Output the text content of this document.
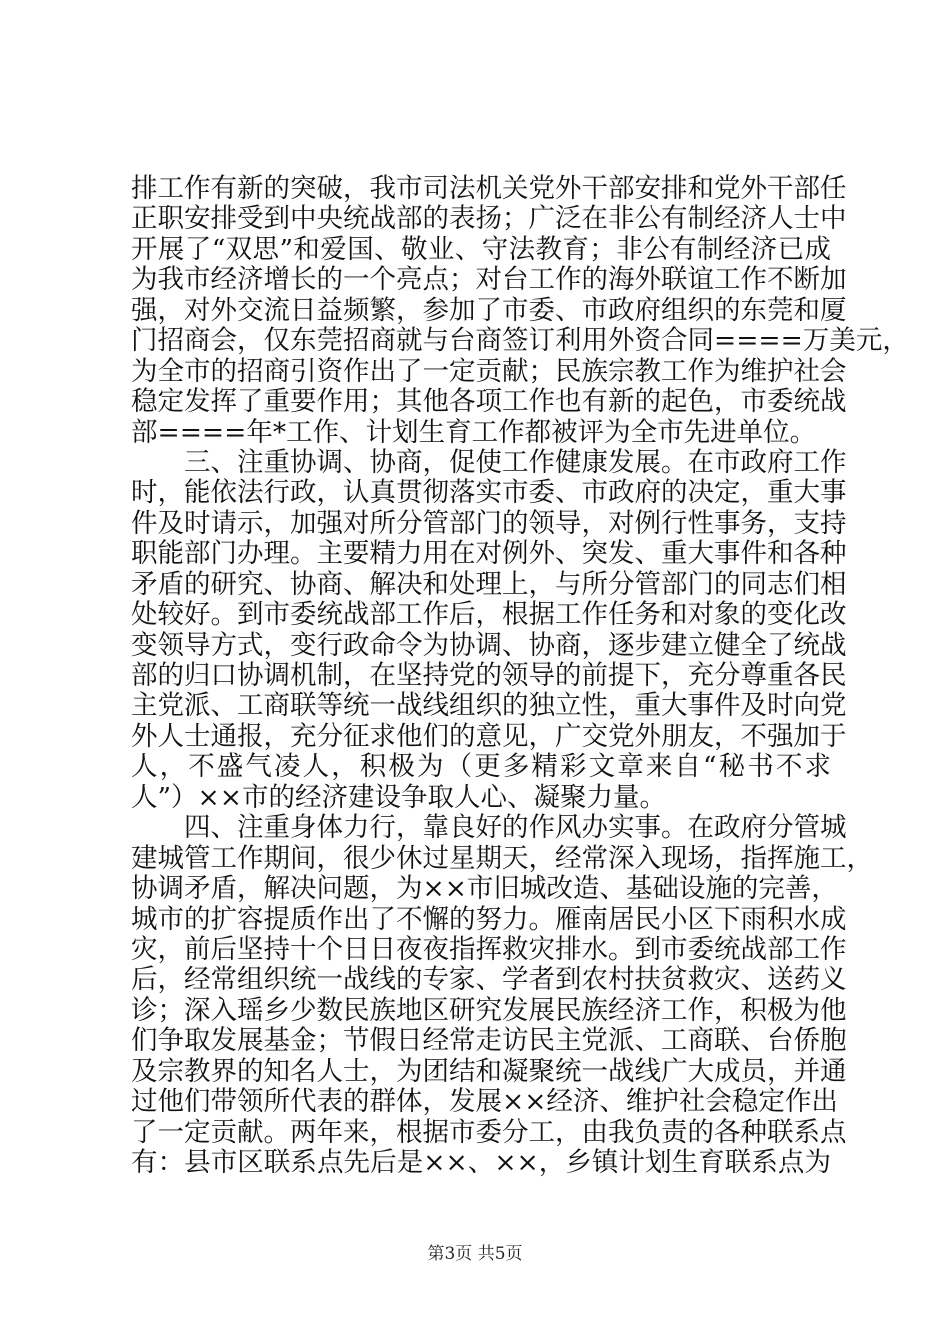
排工作有新的突破，我市司法机关党外干部安排和党外干部任
正职安排受到中央统战部的表扬；广泛在非公有制经济人士中
开展了“双思”和爱国、敬业、守法教育；非公有制经济已成
为我市经济增长的一个亮点；对台工作的海外联谊工作不断加
强，对外交流日益频繁，参加了市委、市政府组织的东莞和厦
门招商会，仅东莞招商就与台商签订利用外资合同====万美元，
为全市的招商引资作出了一定贡献；民族宗教工作为维护社会
稳定发挥了重要作用；其他各项工作也有新的起色，市委统战
部====年*工作、计划生育工作都被评为全市先进单位。
　　三、注重协调、协商，促使工作健康发展。在市政府工作
时，能依法行政，认真贯彻落实市委、市政府的决定，重大事
件及时请示，加强对所分管部门的领导，对例行性事务，支持
职能部门办理。主要精力用在对例外、突发、重大事件和各种
矛盾的研究、协商、解决和处理上，与所分管部门的同志们相
处较好。到市委统战部工作后，根据工作任务和对象的变化改
变领导方式，变行政命令为协调、协商，逐步建立健全了统战
部的归口协调机制，在坚持党的领导的前提下，充分尊重各民
主党派、工商联等统一战线组织的独立性，重大事件及时向党
外人士通报，充分征求他们的意见，广交党外朋友，不强加于
人，不盛气凌人，积极为（更多精彩文章来自“秘书不求
人”）××市的经济建设争取人心、凝聚力量。
　　四、注重身体力行，靠良好的作风办实事。在政府分管城
建城管工作期间，很少休过星期天，经常深入现场，指挥施工，
协调矛盾，解决问题，为××市旧城改造、基础设施的完善，
城市的扩容提质作出了不懈的努力。雁南居民小区下雨积水成
灾，前后坚持十个日日夜夜指挥救灾排水。到市委统战部工作
后，经常组织统一战线的专家、学者到农村扶贫救灾、送药义
诊；深入瑶乡少数民族地区研究发展民族经济工作，积极为他
们争取发展基金；节假日经常走访民主党派、工商联、台侨胞
及宗教界的知名人士，为团结和凝聚统一战线广大成员，并通
过他们带领所代表的群体，发展××经济、维护社会稳定作出
了一定贡献。两年来，根据市委分工，由我负责的各种联系点
有：县市区联系点先后是××、××，乡镇计划生育联系点为
第3页 共5页
